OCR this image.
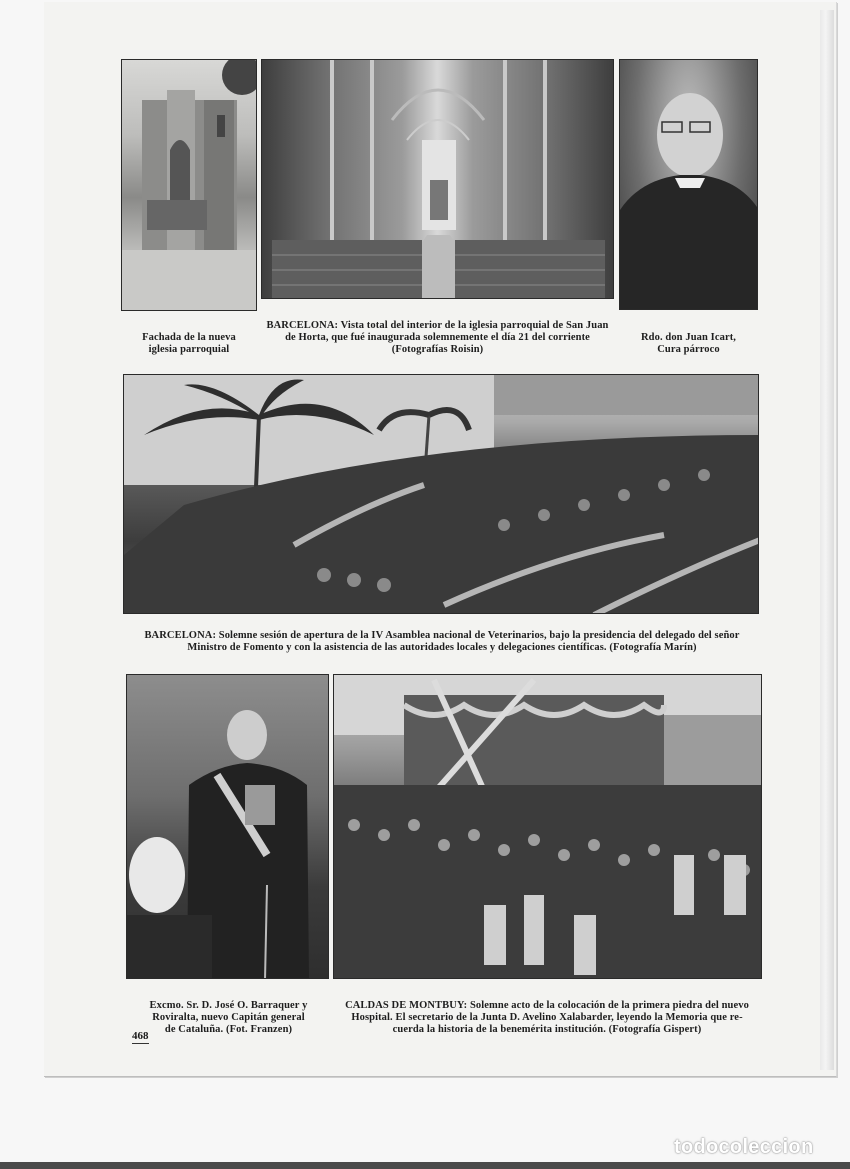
Fachada de la nueva
iglesia parroquial
BARCELONA: Vista total del interior de la iglesia parroquial de San Juan
de Horta, que fué inaugurada solemnemente el día 21 del corriente
(Fotografías Roisin)
Rdo. don Juan Icart,
Cura párroco
BARCELONA: Solemne sesión de apertura de la IV Asamblea nacional de Veterinarios, bajo la presidencia del delegado del señor
Ministro de Fomento y con la asistencia de las autoridades locales y delegaciones científicas. (Fotografía Marín)
Excmo. Sr. D. José O. Barraquer y
Roviralta, nuevo Capitán general
de Cataluña. (Fot. Franzen)
CALDAS DE MONTBUY: Solemne acto de la colocación de la primera piedra del nuevo
Hospital. El secretario de la Junta D. Avelino Xalabarder, leyendo la Memoria que re-
cuerda la historia de la benemérita institución. (Fotografía Gispert)
468
todocoleccion
